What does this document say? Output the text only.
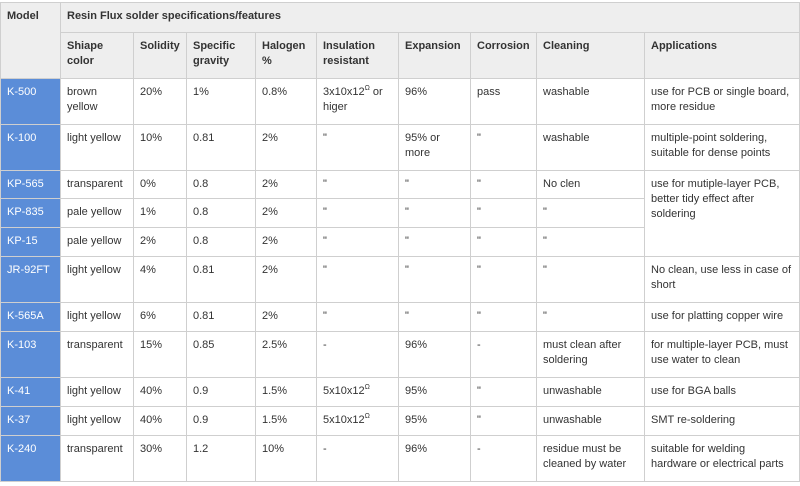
Model	Resin Flux solder specifications/features								
	Shiape color	Solidity	Specific gravity	Halogen %	Insulation resistant	Expansion	Corrosion	Cleaning	Applications
K-500	brown yellow	20%	1%	0.8%	$3x10x12^\Omega$ or higer	96%	pass	washable	use for PCB or single board, more residue
K-100	light yellow	10%	0.81	2%	"	95% or more	"	washable	multiple-point soldering, suitable for dense points
KP-565	transparent	0%	0.8	2%	"	"	"	No clen	use for mutiple-layer PCB, better tidy effect after soldering
KP-835	pale yellow	1%	0.8	2%	"	"	"	"	
KP-15	pale yellow	2%	0.8	2%	"	"	"	"	
JR-92FT	light yellow	4%	0.81	2%	"	"	"	"	No clean, use less in case of short
K-565A	light yellow	6%	0.81	2%	"	"	"	"	use for platting copper wire
K-103	transparent	15%	0.85	2.5%	-	96%	-	must clean after soldering	for multiple-layer PCB, must use water to clean
K-41	light yellow	40%	0.9	1.5%	$5x10x12^\Omega$	95%	"	unwashable	use for BGA balls
K-37	light yellow	40%	0.9	1.5%	$5x10x12^\Omega$	95%	"	unwashable	SMT re-soldering
K-240	transparent	30%	1.2	10%	-	96%	-	residue must be cleaned by water	suitable for welding hardware or electrical parts
